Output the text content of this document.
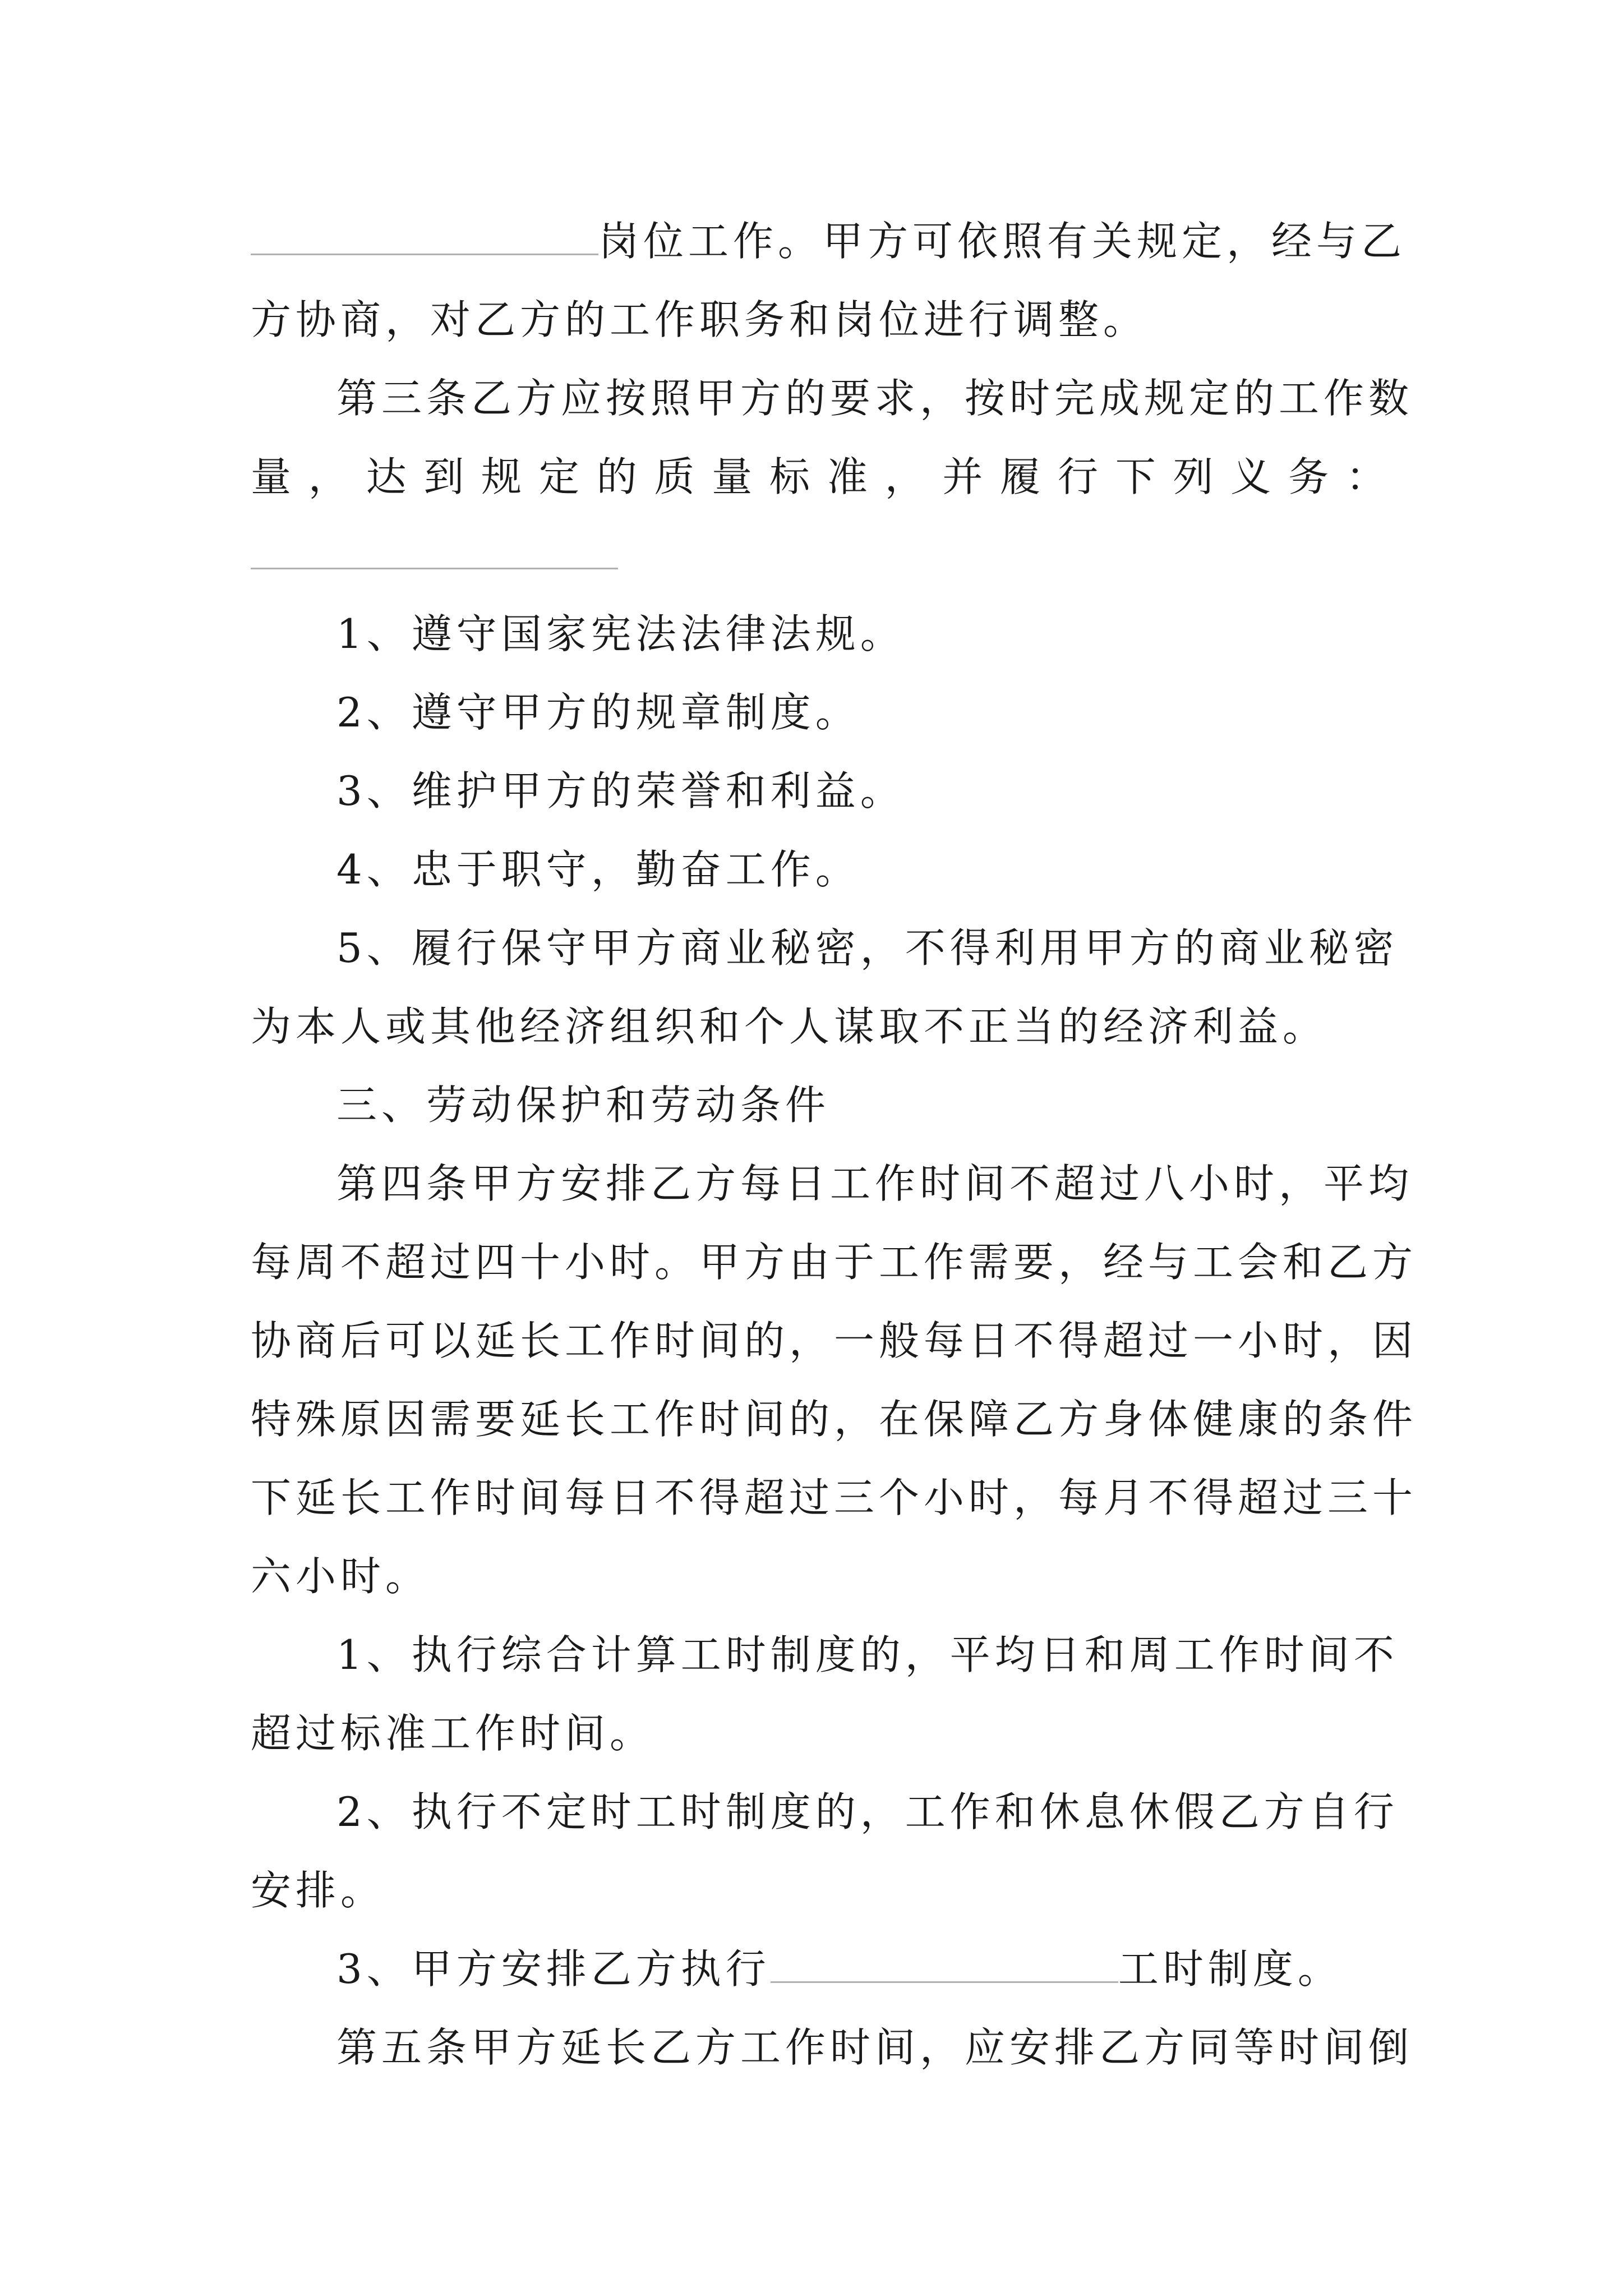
岗位工作。甲方可依照有关规定，经与乙
方协商，对乙方的工作职务和岗位进行调整。
第三条乙方应按照甲方的要求，按时完成规定的工作数
量 ， 达 到 规 定 的 质 量 标 准 ， 并 履 行 下 列 义 务 ：
1、遵守国家宪法法律法规。
2、遵守甲方的规章制度。
3、维护甲方的荣誉和利益。
4、忠于职守，勤奋工作。
5、履行保守甲方商业秘密，不得利用甲方的商业秘密
为本人或其他经济组织和个人谋取不正当的经济利益。
三、劳动保护和劳动条件
第四条甲方安排乙方每日工作时间不超过八小时，平均
每周不超过四十小时。甲方由于工作需要，经与工会和乙方
协商后可以延长工作时间的，一般每日不得超过一小时，因
特殊原因需要延长工作时间的，在保障乙方身体健康的条件
下延长工作时间每日不得超过三个小时，每月不得超过三十
六小时。
1、执行综合计算工时制度的，平均日和周工作时间不
超过标准工作时间。
2、执行不定时工时制度的，工作和休息休假乙方自行
安排。
3、甲方安排乙方执行	工时制度。
第五条甲方延长乙方工作时间，应安排乙方同等时间倒
